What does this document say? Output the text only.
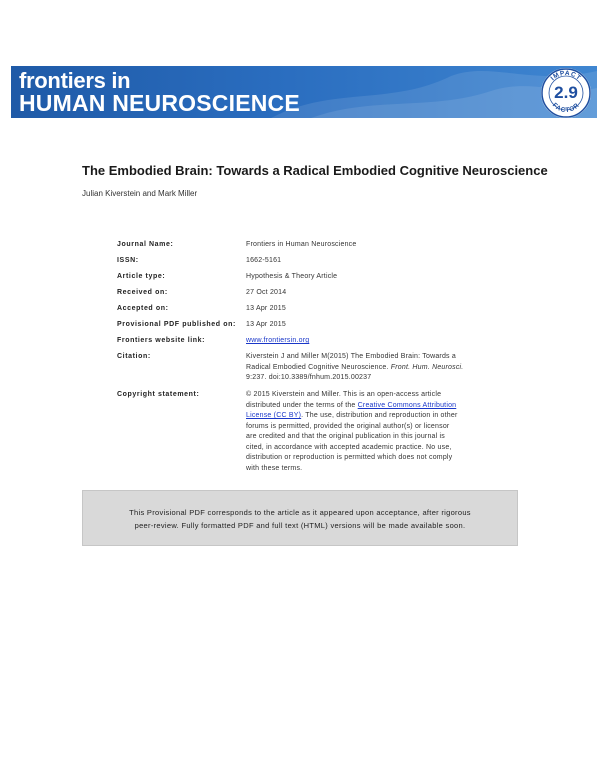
frontiers in
HUMAN NEUROSCIENCE
IMPACT
FACTOR
2.9
The Embodied Brain: Towards a Radical Embodied Cognitive Neuroscience
Julian Kiverstein and Mark Miller
Journal Name:	Frontiers in Human Neuroscience
ISSN:	1662-5161
Article type:	Hypothesis & Theory Article
Received on:	27 Oct 2014
Accepted on:	13 Apr 2015
Provisional PDF published on: 13 Apr 2015
Frontiers website link:	www.frontiersin.org
Citation:	Kiverstein J and Miller M(2015) The Embodied Brain: Towards a
Radical Embodied Cognitive Neuroscience. Front. Hum. Neurosci.
9:237. doi:10.3389/fnhum.2015.00237
Copyright statement:	© 2015 Kiverstein and Miller. This is an open-access article
distributed under the terms of the Creative Commons Attribution
License (CC BY). The use, distribution and reproduction in other
forums is permitted, provided the original author(s) or licensor
are credited and that the original publication in this journal is
cited, in accordance with accepted academic practice. No use,
distribution or reproduction is permitted which does not comply
with these terms.
This Provisional PDF corresponds to the article as it appeared upon acceptance, after rigorous
peer-review. Fully formatted PDF and full text (HTML) versions will be made available soon.
